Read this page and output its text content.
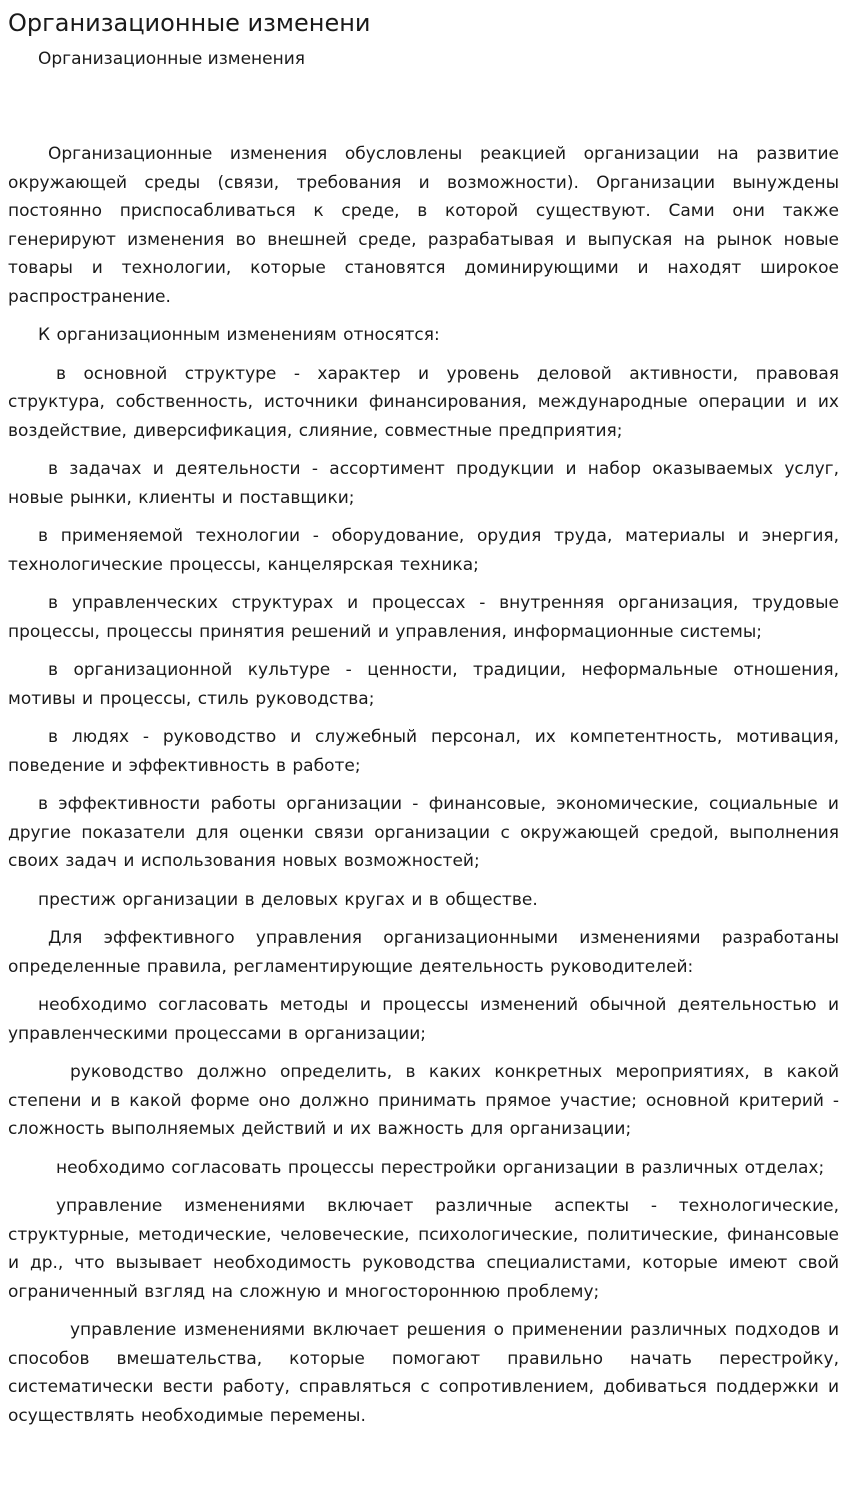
Организационные изменени
Организационные изменения

Организационные изменения обусловлены реакцией организации на развитие окружающей среды (связи, требования и возможности). Организации вынуждены постоянно приспосабливаться к среде, в которой существуют. Сами они также генерируют изменения во внешней среде, разрабатывая и выпуская на рынок новые товары и технологии, которые становятся доминирующими и находят широкое распространение.

К организационным изменениям относятся:

в основной структуре - характер и уровень деловой активности, правовая структура, собственность, источники финансирования, международные операции и их воздействие, диверсификация, слияние, совместные предприятия;

в задачах и деятельности - ассортимент продукции и набор оказываемых услуг, новые рынки, клиенты и поставщики;

в применяемой технологии - оборудование, орудия труда, материалы и энергия, технологические процессы, канцелярская техника;

в управленческих структурах и процессах - внутренняя организация, трудовые процессы, процессы принятия решений и управления, информационные системы;

в организационной культуре - ценности, традиции, неформальные отношения, мотивы и процессы, стиль руководства;

в людях - руководство и служебный персонал, их компетентность, мотивация, поведение и эффективность в работе;

в эффективности работы организации - финансовые, экономические, социальные и другие показатели для оценки связи организации с окружающей средой, выполнения своих задач и использования новых возможностей;

престиж организации в деловых кругах и в обществе.

Для эффективного управления организационными изменениями разработаны определенные правила, регламентирующие деятельность руководителей:

необходимо согласовать методы и процессы изменений обычной деятельностью и управленческими процессами в организации;

руководство должно определить, в каких конкретных мероприятиях, в какой степени и в какой форме оно должно принимать прямое участие; основной критерий - сложность выполняемых действий и их важность для организации;

необходимо согласовать процессы перестройки организации в различных отделах;

управление изменениями включает различные аспекты - технологические, структурные, методические, человеческие, психологические, политические, финансовые и др., что вызывает необходимость руководства специалистами, которые имеют свой ограниченный взгляд на сложную и многостороннюю проблему;

управление изменениями включает решения о применении различных подходов и способов вмешательства, которые помогают правильно начать перестройку, систематически вести работу, справляться с сопротивлением, добиваться поддержки и осуществлять необходимые перемены.
